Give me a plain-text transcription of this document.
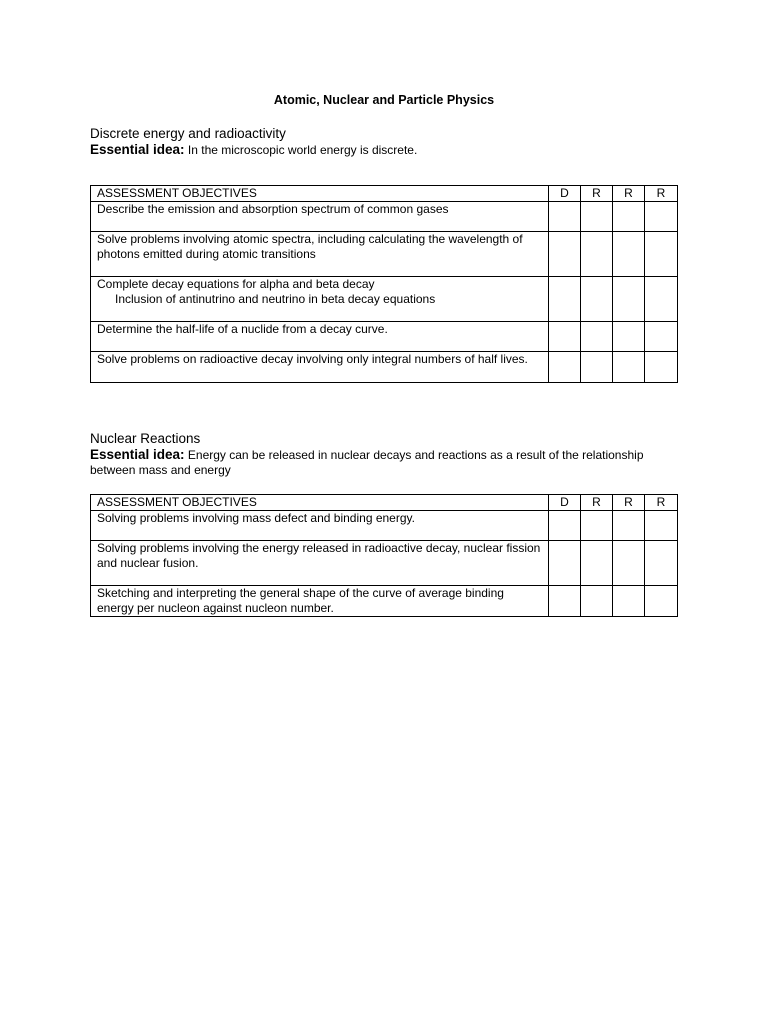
Atomic, Nuclear and Particle Physics
Discrete energy and radioactivity
Essential idea: In the microscopic world energy is discrete.
ASSESSMENT OBJECTIVES	D	R	R	R
Describe the emission and absorption spectrum of common gases				
Solve problems involving atomic spectra, including calculating the wavelength of photons emitted during atomic transitions				
Complete decay equations for alpha and beta decay
Inclusion of antinutrino and neutrino in beta decay equations				

Determine the half-life of a nuclide from a decay curve.				
Solve problems on radioactive decay involving only integral numbers of half lives.				
Nuclear Reactions
Essential idea: Energy can be released in nuclear decays and reactions as a result of the relationship between mass and energy
ASSESSMENT OBJECTIVES	D	R	R	R
Solving problems involving mass defect and binding energy.				
Solving problems involving the energy released in radioactive decay, nuclear fission and nuclear fusion.				
Sketching and interpreting the general shape of the curve of average binding energy per nucleon against nucleon number.				
